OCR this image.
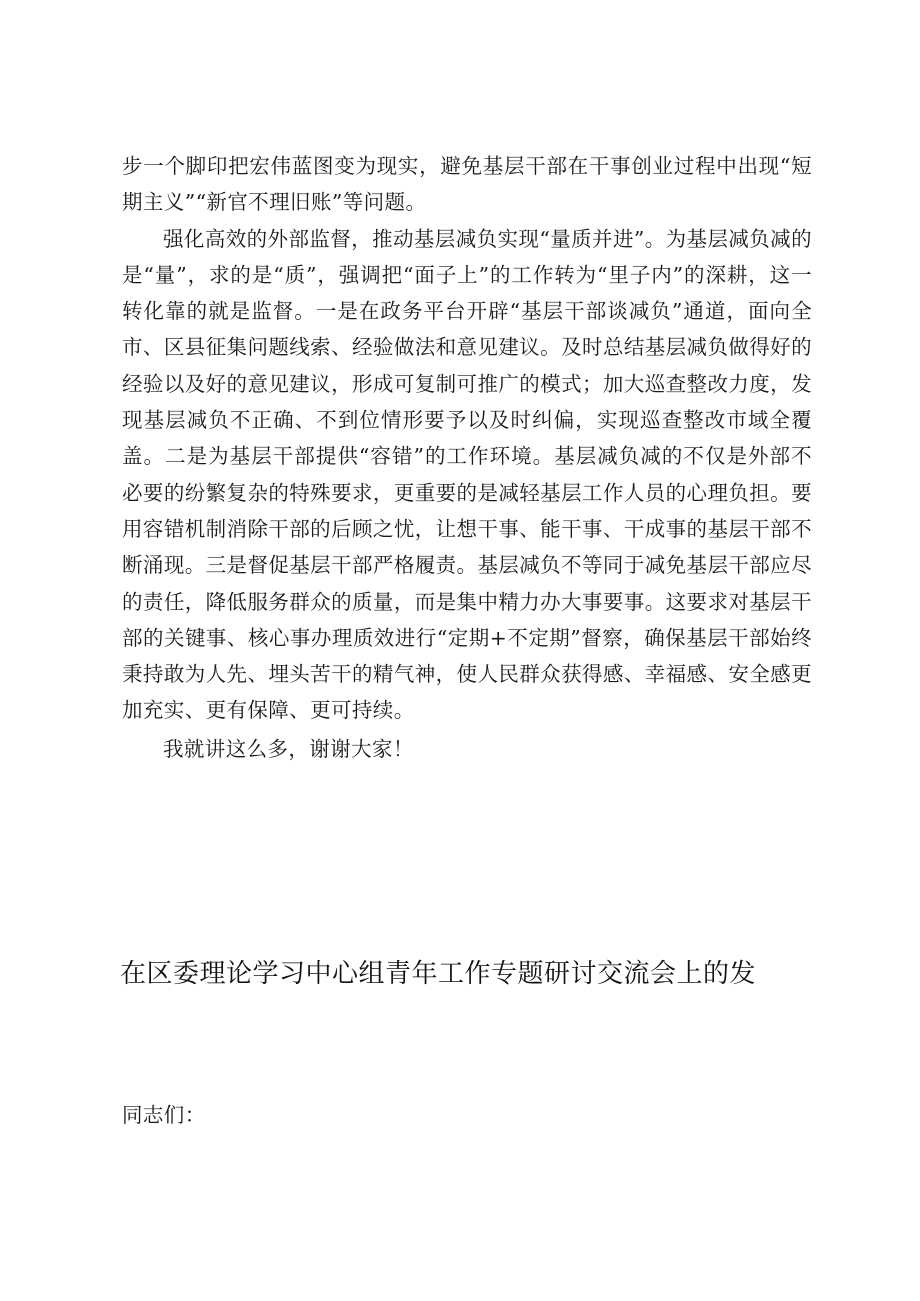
步一个脚印把宏伟蓝图变为现实，避免基层干部在干事创业过程中出现“短期主义”“新官不理旧账”等问题。

强化高效的外部监督，推动基层减负实现“量质并进”。为基层减负减的是“量”，求的是“质”，强调把“面子上”的工作转为“里子内”的深耕，这一转化靠的就是监督。一是在政务平台开辟“基层干部谈减负”通道，面向全市、区县征集问题线索、经验做法和意见建议。及时总结基层减负做得好的经验以及好的意见建议，形成可复制可推广的模式；加大巡查整改力度，发现基层减负不正确、不到位情形要予以及时纠偏，实现巡查整改市域全覆盖。二是为基层干部提供“容错”的工作环境。基层减负减的不仅是外部不必要的纷繁复杂的特殊要求，更重要的是减轻基层工作人员的心理负担。要用容错机制消除干部的后顾之忧，让想干事、能干事、干成事的基层干部不断涌现。三是督促基层干部严格履责。基层减负不等同于减免基层干部应尽的责任，降低服务群众的质量，而是集中精力办大事要事。这要求对基层干部的关键事、核心事办理质效进行“定期+不定期”督察，确保基层干部始终秉持敢为人先、埋头苦干的精气神，使人民群众获得感、幸福感、安全感更加充实、更有保障、更可持续。

我就讲这么多，谢谢大家！

在区委理论学习中心组青年工作专题研讨交流会上的发
同志们：
